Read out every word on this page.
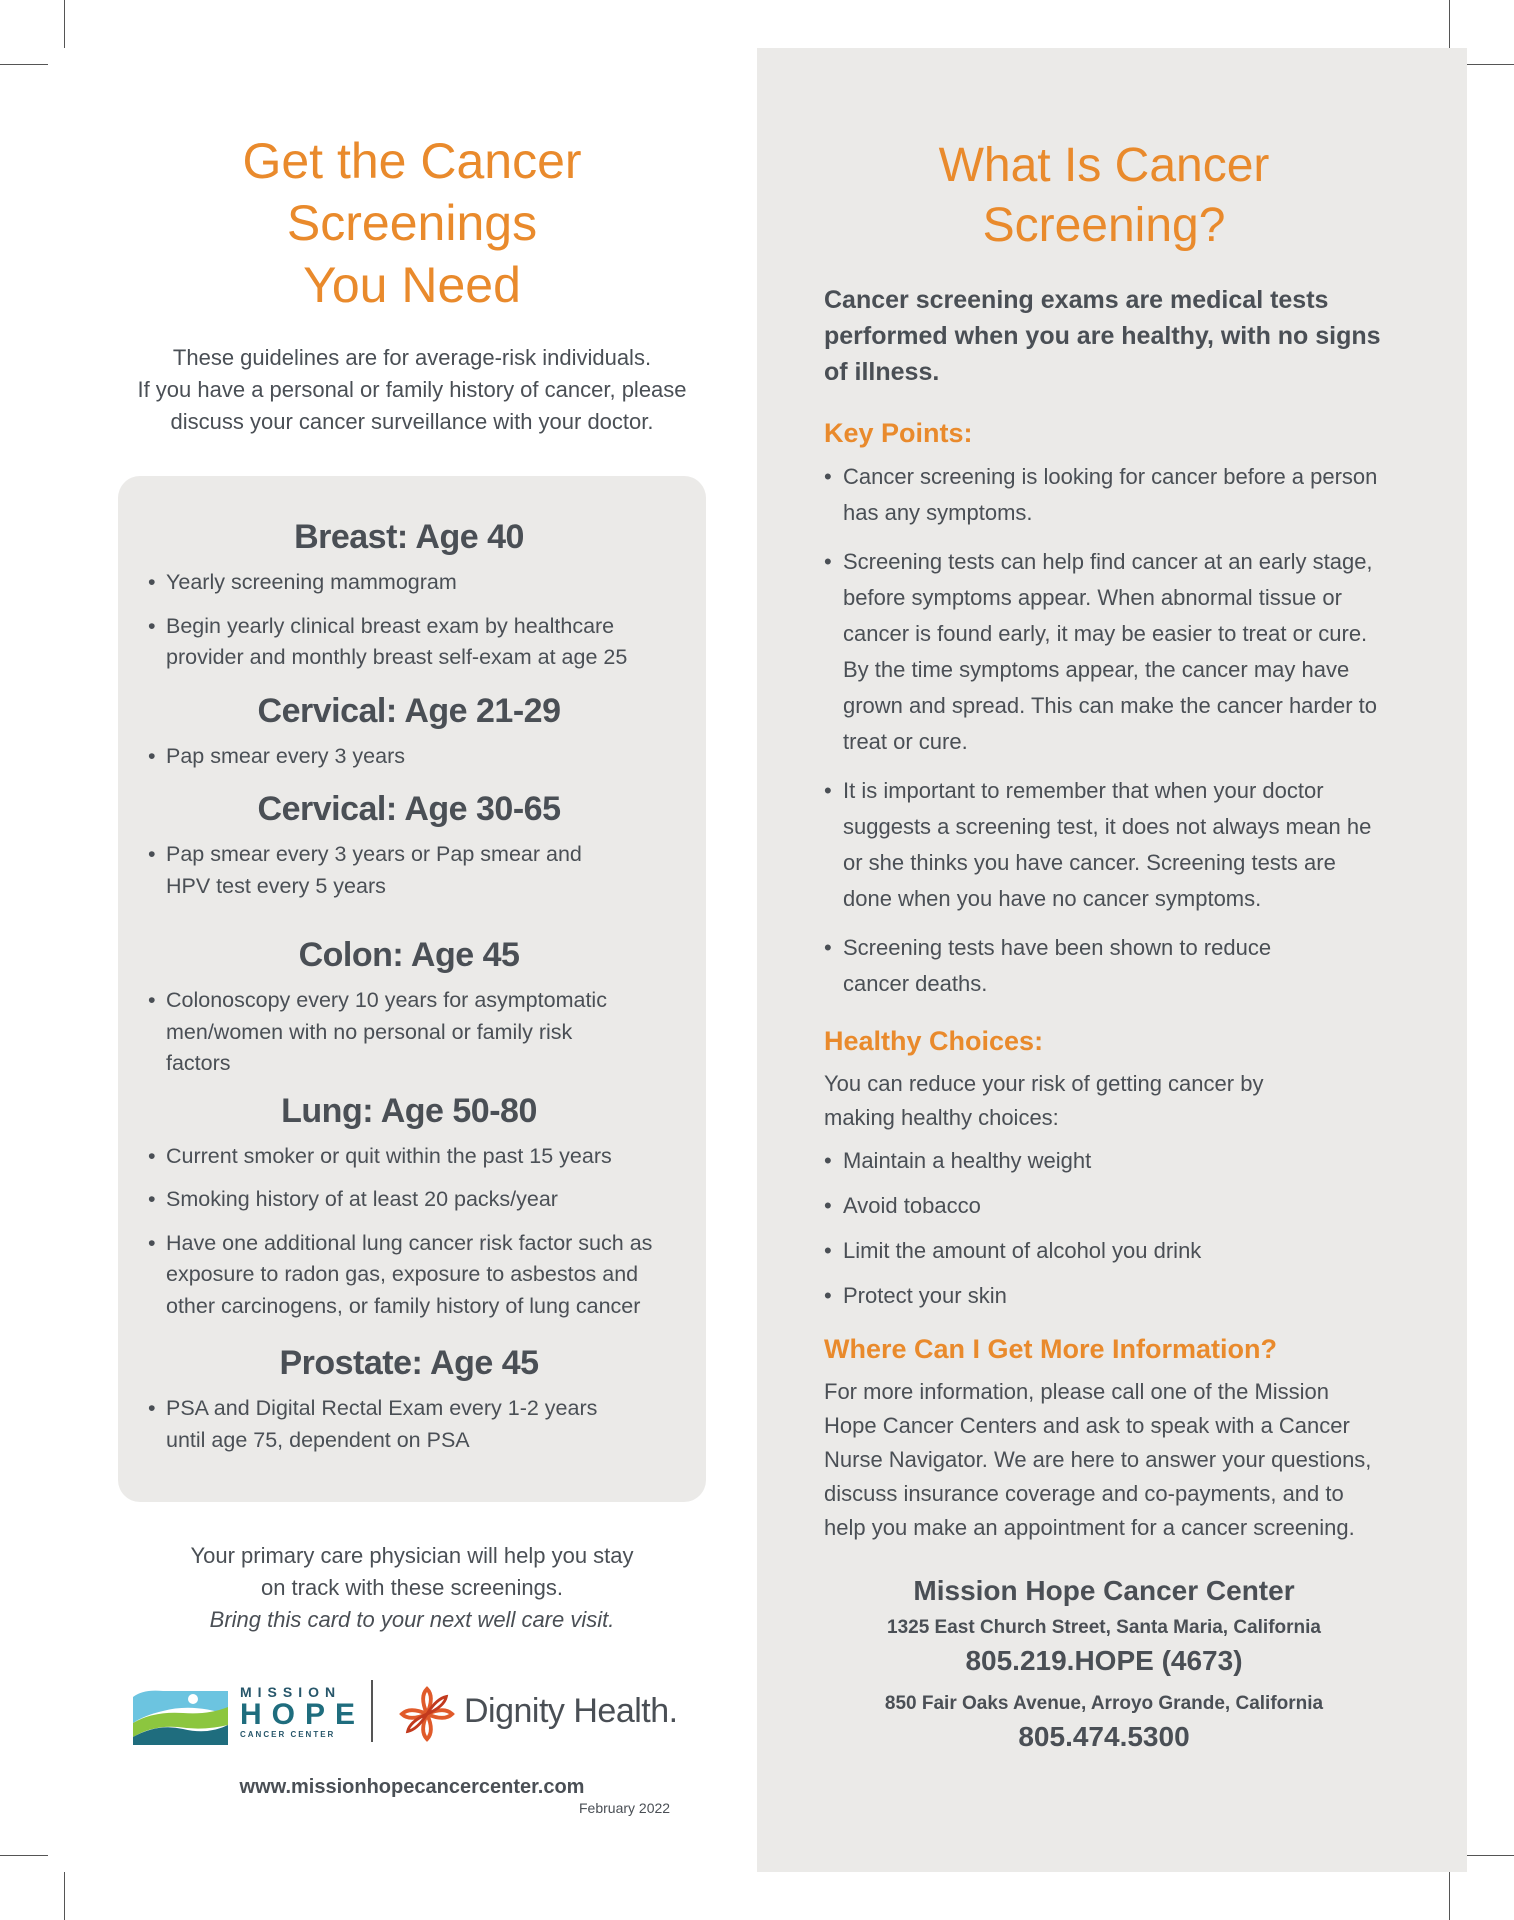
Get the Cancer Screenings
You Need
These guidelines are for average-risk individuals.
If you have a personal or family history of cancer, please
discuss your cancer surveillance with your doctor.
Breast: Age 40
• Yearly screening mammogram
• Begin yearly clinical breast exam by healthcare provider and monthly breast self-exam at age 25
Cervical: Age 21-29
• Pap smear every 3 years
Cervical: Age 30-65
• Pap smear every 3 years or Pap smear and HPV test every 5 years
Colon: Age 45
• Colonoscopy every 10 years for asymptomatic men/women with no personal or family risk factors
Lung: Age 50-80
• Current smoker or quit within the past 15 years
• Smoking history of at least 20 packs/year
• Have one additional lung cancer risk factor such as exposure to radon gas, exposure to asbestos and other carcinogens, or family history of lung cancer
Prostate: Age 45
• PSA and Digital Rectal Exam every 1-2 years until age 75, dependent on PSA
Your primary care physician will help you stay
on track with these screenings.
Bring this card to your next well care visit.
MISSION
HOPE
CANCER CENTER
Dignity Health.
www.missionhopecancercenter.com
February 2022
What Is Cancer Screening?
Cancer screening exams are medical tests performed when you are healthy, with no signs of illness.
Key Points:
• Cancer screening is looking for cancer before a person has any symptoms.
• Screening tests can help find cancer at an early stage, before symptoms appear. When abnormal tissue or cancer is found early, it may be easier to treat or cure. By the time symptoms appear, the cancer may have grown and spread. This can make the cancer harder to treat or cure.
• It is important to remember that when your doctor suggests a screening test, it does not always mean he or she thinks you have cancer. Screening tests are done when you have no cancer symptoms.
• Screening tests have been shown to reduce cancer deaths.
Healthy Choices:
You can reduce your risk of getting cancer by making healthy choices:
• Maintain a healthy weight
• Avoid tobacco
• Limit the amount of alcohol you drink
• Protect your skin
Where Can I Get More Information?
For more information, please call one of the Mission Hope Cancer Centers and ask to speak with a Cancer Nurse Navigator. We are here to answer your questions, discuss insurance coverage and co-payments, and to help you make an appointment for a cancer screening.
Mission Hope Cancer Center
1325 East Church Street, Santa Maria, California
805.219.HOPE (4673)
850 Fair Oaks Avenue, Arroyo Grande, California
805.474.5300
